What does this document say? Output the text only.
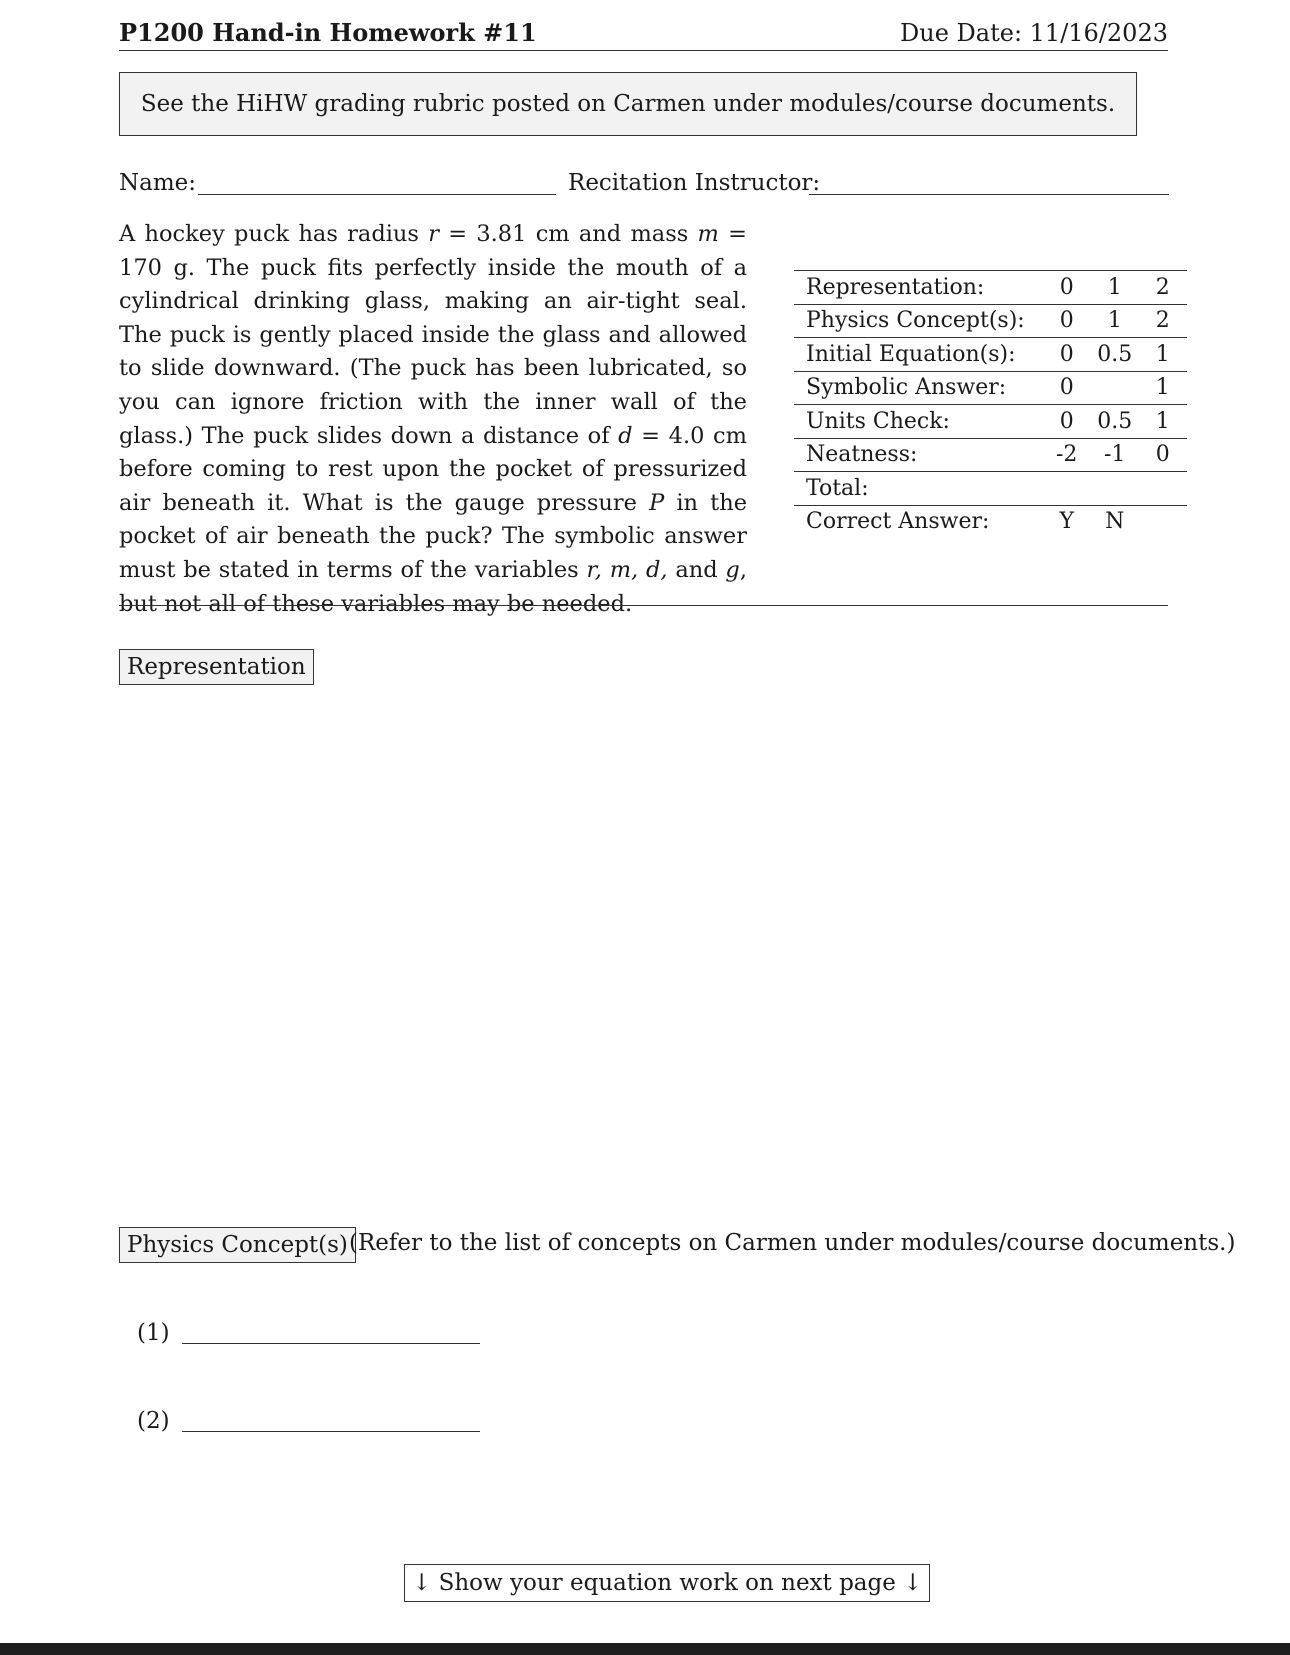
P1200 Hand-in Homework #11	Due Date: 11/16/2023
See the HiHW grading rubric posted on Carmen under modules/course documents.
Name:	Recitation Instructor:
A hockey puck has radius r = 3.81 cm and mass m = 170 g. The puck fits perfectly inside the mouth of a cylindrical drinking glass, making an air-tight seal. The puck is gently placed inside the glass and allowed to slide downward. (The puck has been lubricated, so you can ignore friction with the inner wall of the glass.) The puck slides down a distance of d = 4.0 cm before coming to rest upon the pocket of pressurized air beneath it. What is the gauge pressure P in the pocket of air beneath the puck? The symbolic answer must be stated in terms of the variables r, m, d, and g, but not all of these variables may be needed.
Representation:	0	1	2
Physics Concept(s):	0	1	2
Initial Equation(s):	0	0.5	1
Symbolic Answer:	0		1
Units Check:	0	0.5	1
Neatness:	-2	-1	0
Total:			
Correct Answer:	Y	N	
Representation
Physics Concept(s) (Refer to the list of concepts on Carmen under modules/course documents.)
(1)
(2)
↓ Show your equation work on next page ↓
